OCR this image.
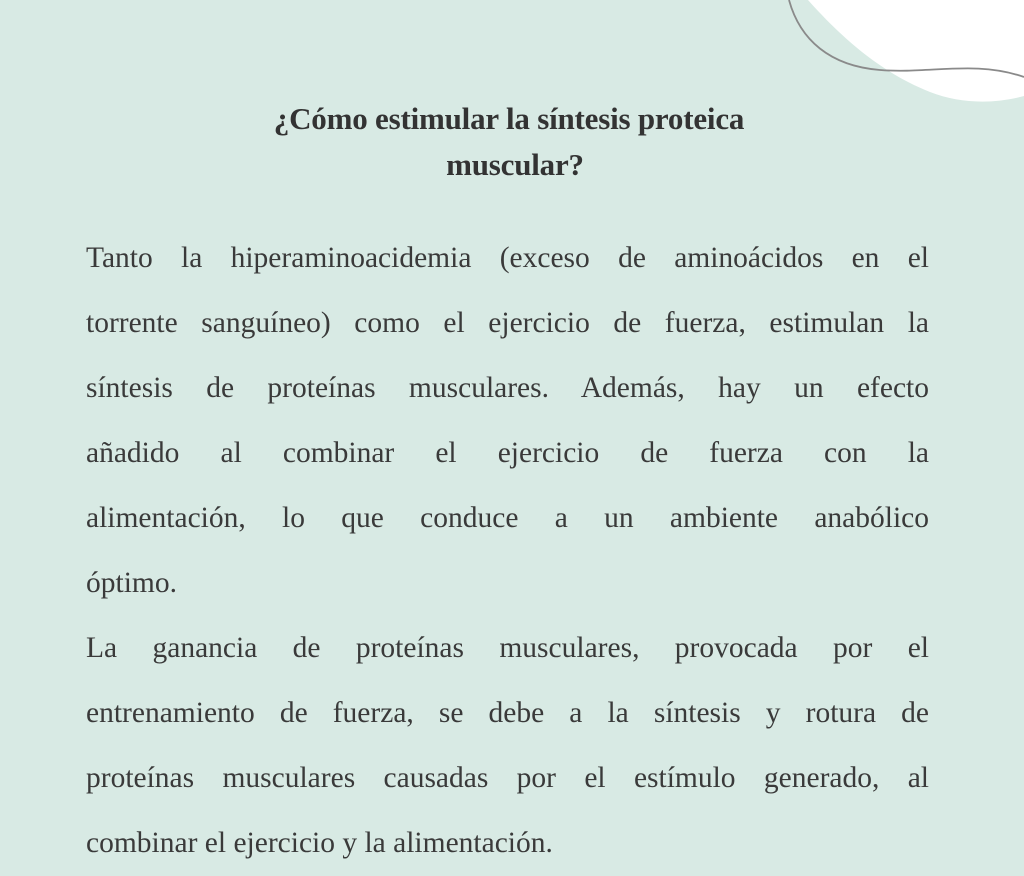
¿Cómo estimular la síntesis proteica
muscular?
Tanto la hiperaminoacidemia (exceso de aminoácidos en el
torrente sanguíneo) como el ejercicio de fuerza, estimulan la
síntesis de proteínas musculares. Además, hay un efecto
añadido al combinar el ejercicio de fuerza con la
alimentación, lo que conduce a un ambiente anabólico
óptimo.
La ganancia de proteínas musculares, provocada por el
entrenamiento de fuerza, se debe a la síntesis y rotura de
proteínas musculares causadas por el estímulo generado, al
combinar el ejercicio y la alimentación.
